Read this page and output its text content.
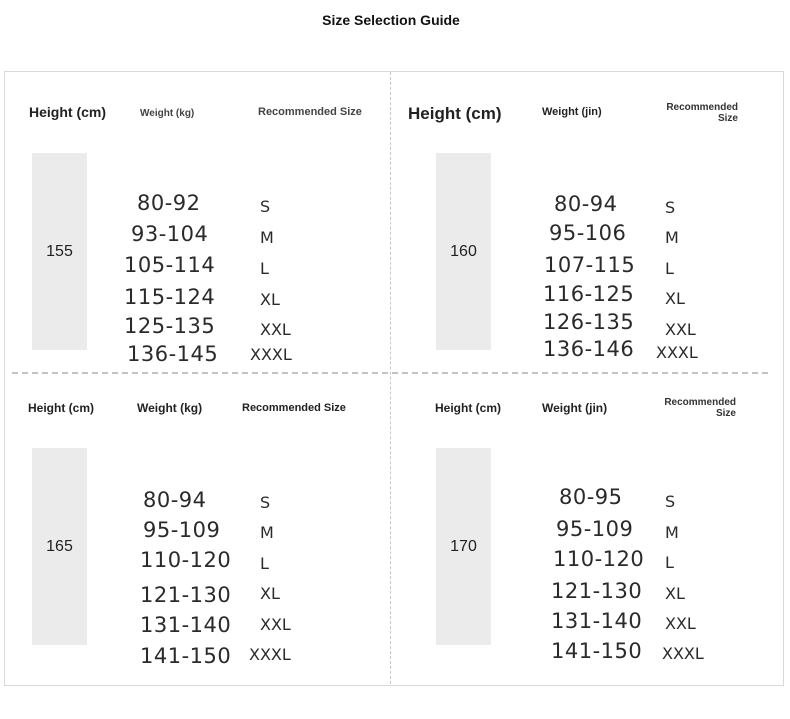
Size Selection Guide
Height (cm)	Weight (kg)	Recommended Size
155
80-92	S
93-104	M
105-114	L
115-124	XL
125-135	XXL
136-145 XXXL
Height (cm)	Weight (jin)	Recommended Size
160
80-94	S
95-106 M
107-115 L
116-125 XL
126-135 XXL
136-146 XXXL
Height (cm)	Weight (kg)	Recommended Size
165
80-94	S
95-109 M
110-120 L
121-130 XL
131-140 XXL
141-150 XXXL
Height (cm)	Weight (jin)	Recommended Size
170
80-95	S
95-109 M
110-120 L
121-130 XL
131-140 XXL
141-150 XXXL
